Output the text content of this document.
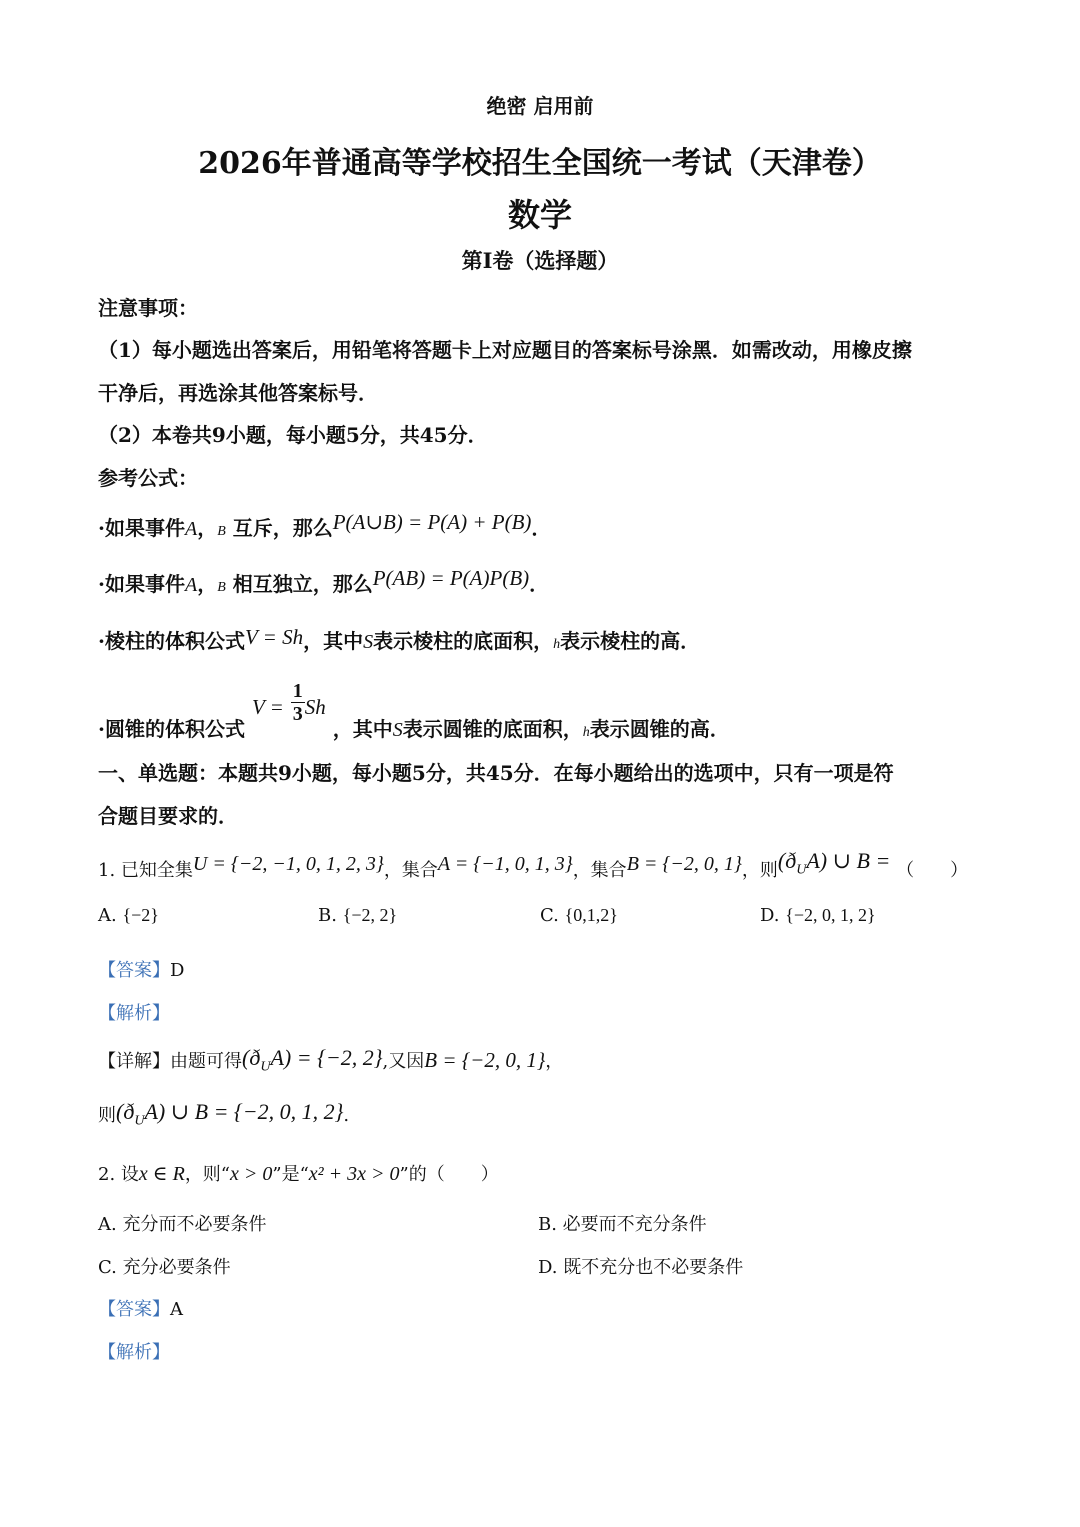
绝密 启用前
2026年普通高等学校招生全国统一考试（天津卷）
数学
第I卷（选择题）
注意事项：
（1）每小题选出答案后，用铅笔将答题卡上对应题目的答案标号涂黑．如需改动，用橡皮擦
干净后，再选涂其他答案标号．
（2）本卷共9小题，每小题5分，共45分．
参考公式：
·如果事件A，B 互斥，那么P(A∪B) = P(A) + P(B)．
·如果事件A，B 相互独立，那么P(AB) = P(A)P(B)．
·棱柱的体积公式V = Sh，其中S表示棱柱的底面积，h表示棱柱的高．
·圆锥的体积公式 $V = \frac{1}{3}$ Sh ，其中S表示圆锥的底面积，h表示圆锥的高．
一、单选题：本题共9小题，每小题5分，共45分．在每小题给出的选项中，只有一项是符
合题目要求的．
1. 已知全集U = {−2, −1, 0, 1, 2, 3}，集合A = {−1, 0, 1, 3}，集合B = {−2, 0, 1}，则$(ð_UA)$ ∪ B = （　　）
A. {−2}	B. {−2, 2}	C. {0,1,2}	D. {−2, 0, 1, 2}
【答案】D
【解析】
【详解】由题可得$(ð_UA) = \{-2$, 2},又因B = {−2, 0, 1}，
则$(ð_UA)$ ∪ B = {−2, 0, 1, 2}.
2. 设x ∈ R，则“x > 0”是“x² + 3x > 0”的（　　）
A. 充分而不必要条件	B. 必要而不充分条件
C. 充分必要条件	D. 既不充分也不必要条件
【答案】A
【解析】
